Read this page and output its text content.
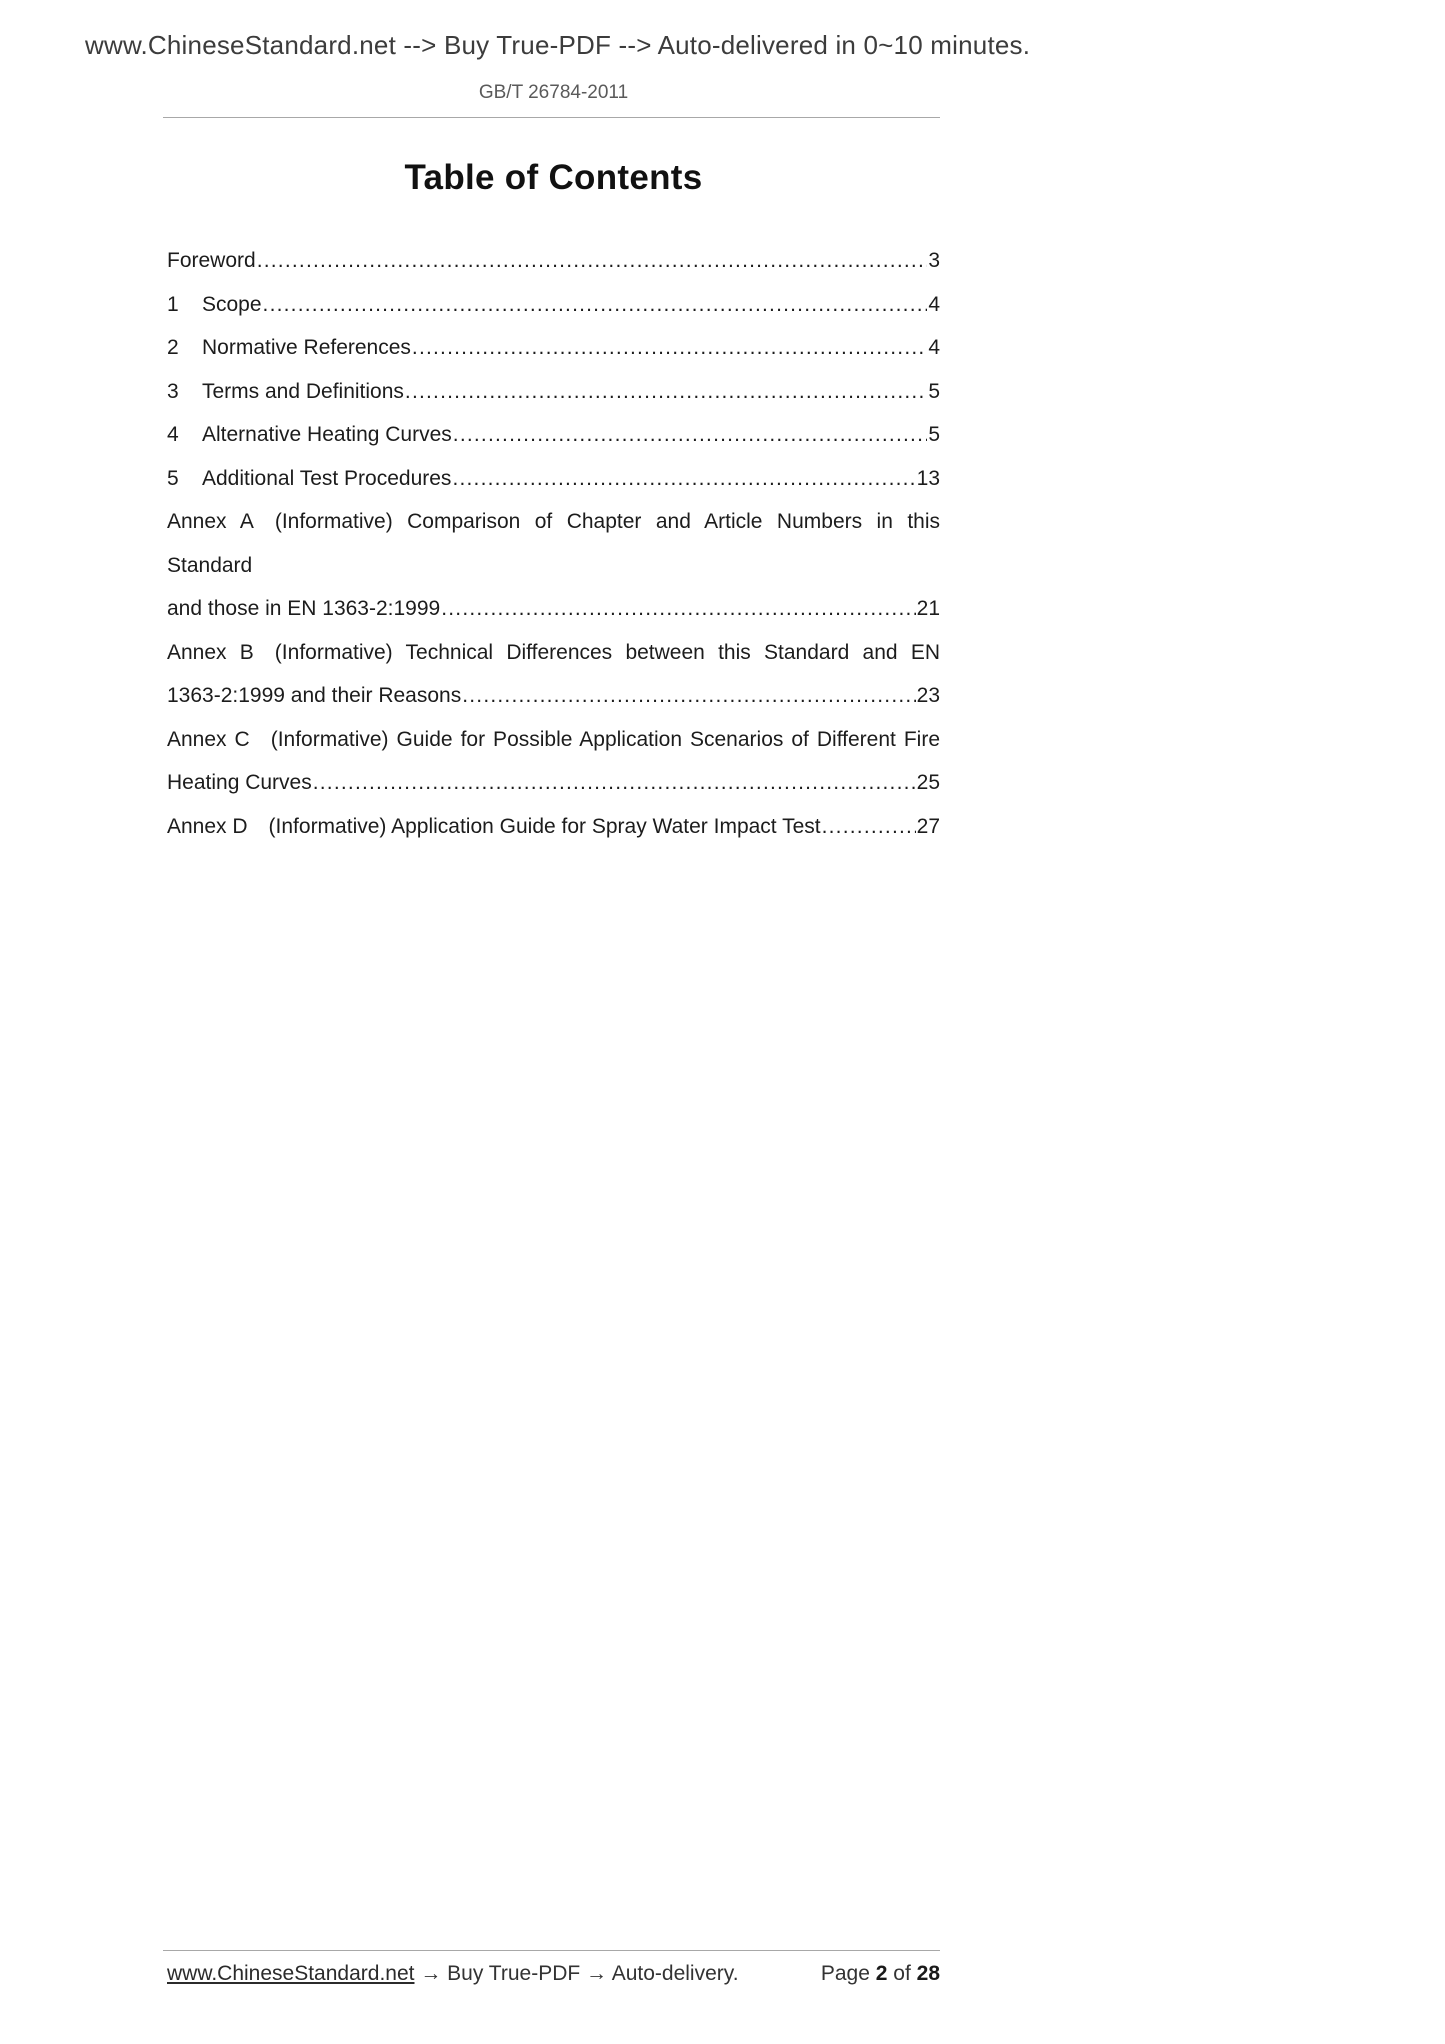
www.ChineseStandard.net --> Buy True-PDF --> Auto-delivered in 0~10 minutes.
GB/T 26784-2011
Table of Contents
Foreword .....	3
1	Scope .....	4
2	Normative References .....	4
3	Terms and Definitions .....	5
4	Alternative Heating Curves .....	5
5	Additional Test Procedures .....	13
Annex A (Informative) Comparison of Chapter and Article Numbers in this Standard
and those in EN 1363-2:1999 .....	21
Annex B (Informative) Technical Differences between this Standard and EN
1363-2:1999 and their Reasons .....	23
Annex C (Informative) Guide for Possible Application Scenarios of Different Fire
Heating Curves .....	25
Annex D (Informative) Application Guide for Spray Water Impact Test .....	27
www.ChineseStandard.net → Buy True-PDF → Auto-delivery.	Page 2 of 28
